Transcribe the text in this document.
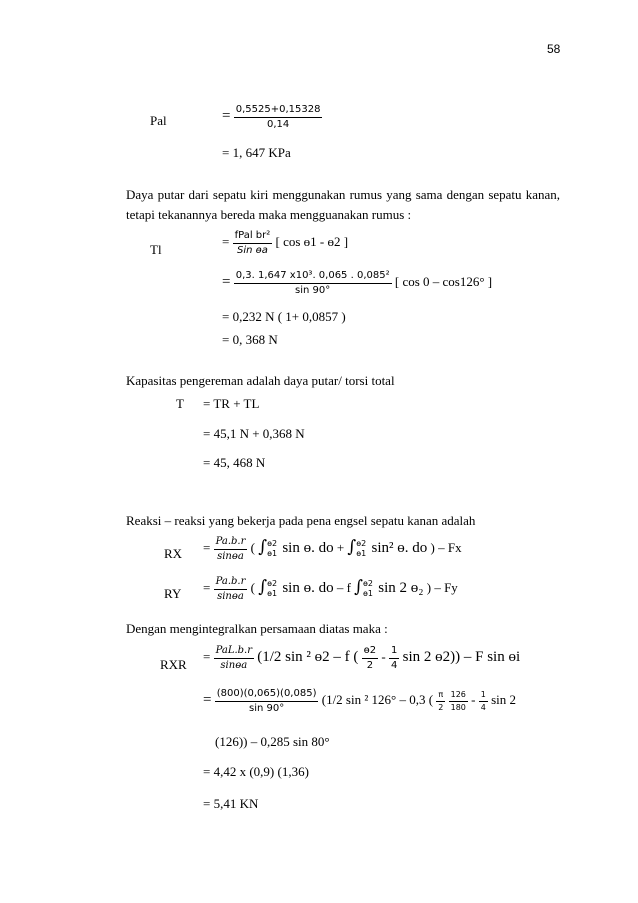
58
Pal	= $\frac{0,5525+0,15328}{0,14}$
= 1, 647 KPa
Daya putar dari sepatu kiri menggunakan rumus yang sama dengan sepatu kanan, tetapi tekanannya bereda maka mengguanakan rumus :
Tl
= $\frac{\text{fPal br²}}{\text{Sin ɵa}}$ [ cos ɵ1 - ɵ2 ]
= $\frac{\text{0,3. 1,647 x10³. 0,065 . 0,085²}}{\sin 90^\circ}$ [ cos 0 – cos126° ]
= 0,232 N ( 1+ 0,0857 )
= 0, 368 N
Kapasitas pengereman adalah daya putar/ torsi total
T = TR + TL
= 45,1 N + 0,368 N
= 45, 468 N
Reaksi – reaksi yang bekerja pada pena engsel sepatu kanan adalah
RX = $\frac{Pa.b.r}{\text{sinɵa}}$ ( ∫ ɵ2
ɵ1 sin ɵ. do + ∫ ɵ2
ɵ1 sin² ɵ. do ) – Fx
RY = $\frac{Pa.b.r}{\text{sinɵa}}$ ( ∫ ɵ2
ɵ1 sin ɵ. do – f ∫ ɵ2
ɵ1 sin 2 ɵ₂ ) – Fy
Dengan mengintegralkan persamaan diatas maka :
RXR
= $\frac{\text{PaL.b.r}}{\text{sinɵa}} (1/2$ sin ² ɵ2 – f ( $\frac{\text{ɵ2}}{2} - \frac{1}{4}$ sin 2 ɵ2)) – F sin ɵi
= $\frac{(800)(0,065)(0,085)}{\sin 90^\circ} (1/2$ sin ² 126° – 0,3 ( $\frac{\pi}{2}$
$\frac{126}{180} - \frac{1}{4}$ sin 2
(126)) – 0,285 sin 80°
= 4,42 x (0,9) (1,36)
= 5,41 KN
